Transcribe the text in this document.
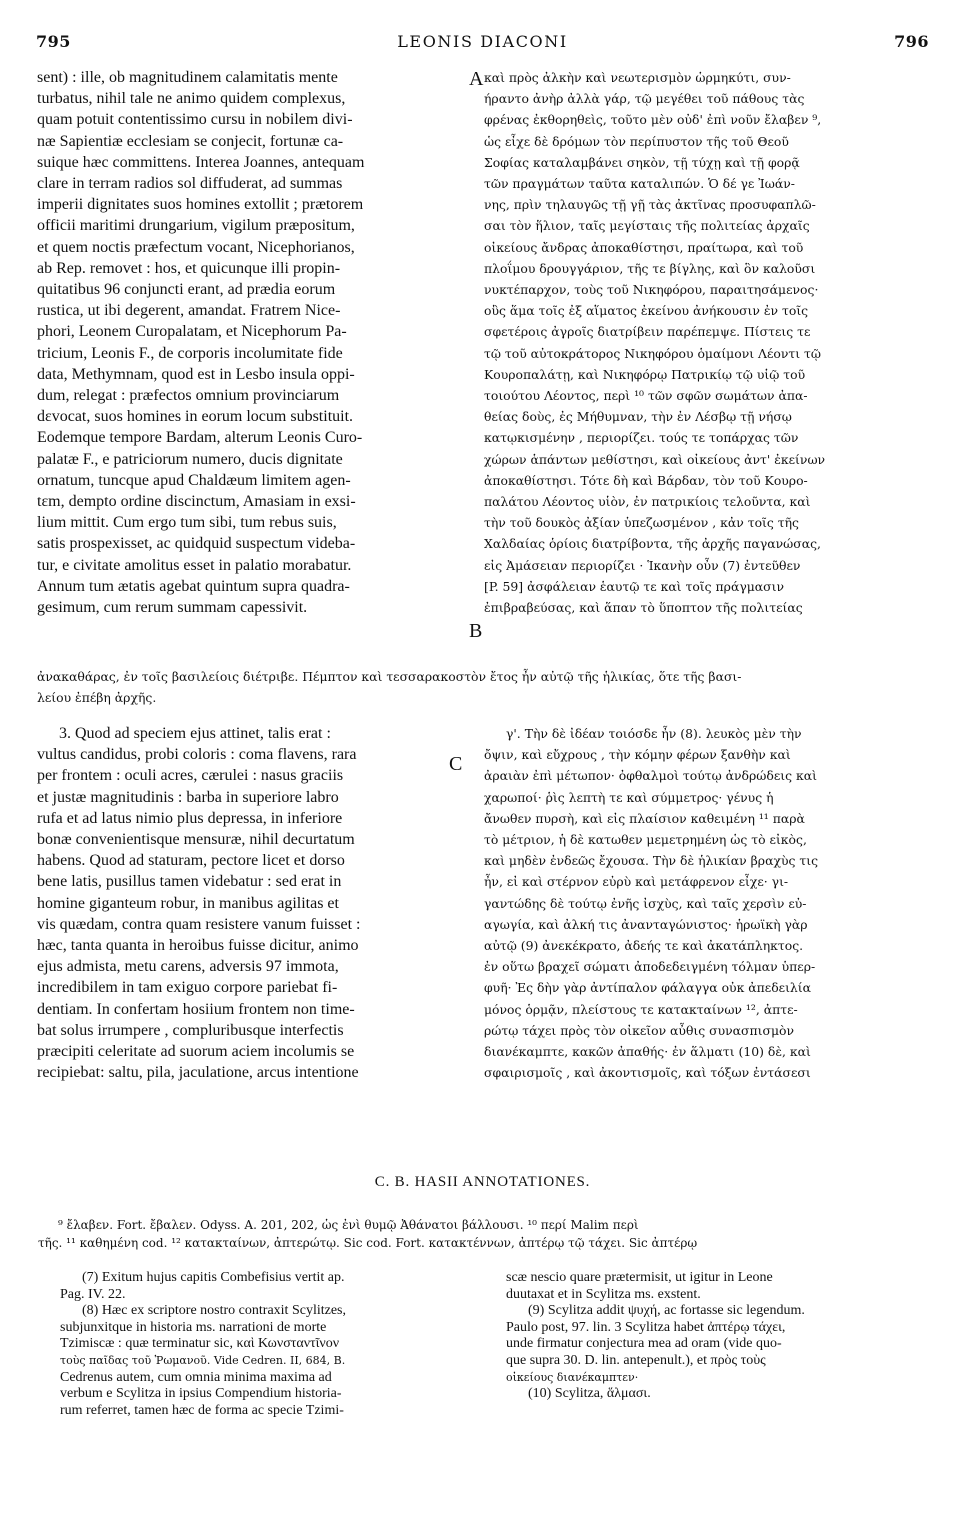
795	LEONIS DIACONI	796
sent) : ille, ob magnitudinem calamitatis mente
turbatus, nihil tale ne animo quidem complexus,
quam potuit contentissimo cursu in nobilem divi-
næ Sapientiæ ecclesiam se conjecit, fortunæ ca-
suique hæc committens. Interea Joannes, antequam
clare in terram radios sol diffuderat, ad summas
imperii dignitates suos homines extollit ; prætorem
officii maritimi drungarium, vigilum præpositum,
et quem noctis præfectum vocant, Nicephorianos,
ab Rep. removet : hos, et quicunque illi propin-
quitatibus 96 conjuncti erant, ad prædia eorum
rustica, ut ibi degerent, amandat. Fratrem Nice-
phori, Leonem Curopalatam, et Nicephorum Pa-
tricium, Leonis F., de corporis incolumitate fide
data, Methymnam, quod est in Lesbo insula oppi-
dum, relegat : præfectos omnium provinciarum
dεvocat, suos homines in eorum locum substituit.
Eodemque tempore Bardam, alterum Leonis Curo-
palatæ F., e patriciorum numero, ducis dignitate
ornatum, tuncque apud Chaldæum limitem agen-
tεm, dempto ordine discinctum, Amasiam in exsi-
lium mittit. Cum ergo tum sibi, tum rebus suis,
satis prospexisset, ac quidquid suspectum videba-
tur, e civitate amolitus esset in palatio morabatur.
Annum tum ætatis agebat quintum supra quadra-
gesimum, cum rerum summam capessivit.
καὶ πρὸς ἀλκὴν καὶ νεωτερισμὸν ὡρμηκύτι, συν-
ήραντο ἀνὴρ ἀλλὰ γάρ, τῷ μεγέθει τοῦ πάθους τὰς
φρένας ἐκθορηθεὶς, τοῦτο μὲν οὐδ' ἐπὶ νοῦν ἔλαβεν ⁹,
ὡς εἶχε δὲ δρόμων τὸν περίπυστον τῆς τοῦ Θεοῦ
Σοφίας καταλαμβάνει σηκὸν, τῇ τύχῃ καὶ τῇ φορᾷ
τῶν πραγμάτων ταῦτα καταλιπών. Ὁ δέ γε Ἰωάν-
νης, πρὶν τηλαυγῶς τῇ γῇ τὰς ἀκτῖνας προσυφαπλῶ-
σαι τὸν ἥλιον, ταῖς μεγίσταις τῆς πολιτείας ἀρχαῖς
οἰκείους ἄνδρας ἀποκαθίστησι, πραίτωρα, καὶ τοῦ
πλοΐμου δρουγγάριον, τῆς τε βίγλης, καὶ ὃν καλοῦσι
νυκτέπαρχον, τοὺς τοῦ Νικηφόρου, παραιτησάμενος·
οὓς ἅμα τοῖς ἐξ αἵματος ἐκείνου ἀνήκουσιν ἐν τοῖς
σφετέροις ἀγροῖς διατρίβειν παρέπεμψε. Πίστεις τε
τῷ τοῦ αὐτοκράτορος Νικηφόρου ὁμαίμονι Λέοντι τῷ
Κουροπαλάτῃ, καὶ Νικηφόρῳ Πατρικίῳ τῷ υἱῷ τοῦ
τοιούτου Λέοντος, περὶ ¹⁰ τῶν σφῶν σωμάτων ἀπα-
θείας δοὺς, ἐς Μήθυμναν, τὴν ἐν Λέσβῳ τῇ νήσῳ
κατῳκισμένην , περιορίζει. τούς τε τοπάρχας τῶν
χώρων ἁπάντων μεθίστησι, καὶ οἰκείους ἀντ' ἐκείνων
ἀποκαθίστησι. Τότε δὴ καὶ Βάρδαν, τὸν τοῦ Κουρο-
παλάτου Λέοντος υἱὸν, ἐν πατρικίοις τελοῦντα, καὶ
τὴν τοῦ δουκὸς ἀξίαν ὑπεζωσμένον , κἀν τοῖς τῆς
Χαλδαίας ὁρίοις διατρίβοντα, τῆς ἀρχῆς παγανώσας,
εἰς Ἀμάσειαν περιορίζει · Ἱκανὴν οὖν (7) ἐντεῦθεν
[P. 59] ἀσφάλειαν ἑαυτῷ τε καὶ τοῖς πράγμασιν
ἐπιβραβεύσας, καὶ ἅπαν τὸ ὕποπτον τῆς πολιτείας
A
B
C
ἀνακαθάρας, ἐν τοῖς βασιλείοις διέτριβε. Πέμπτον καὶ τεσσαρακοστὸν ἔτος ἦν αὐτῷ τῆς ἡλικίας, ὅτε τῆς βασι-
λείου ἐπέβη ἀρχῆς.
3. Quod ad speciem ejus attinet, talis erat :
vultus candidus, probi coloris : coma flavens, rara
per frontem : oculi acres, cærulei : nasus graciis
et justæ magnitudinis : barba in superiore labro
rufa et ad latus nimio plus depressa, in inferiore
bonæ convenientisque mensuræ, nihil decurtatum
habens. Quod ad staturam, pectore licet et dorso
bene latis, pusillus tamen videbatur : sed erat in
homine giganteum robur, in manibus agilitas et
vis quædam, contra quam resistere vanum fuisset :
hæc, tanta quanta in heroibus fuisse dicitur, animo
ejus admista, metu carens, adversis 97 immota,
incredibilem in tam exiguo corpore pariebat fi-
dentiam. In confertam hosiium frontem non time-
bat solus irrumpere , compluribusque interfectis
præcipiti celeritate ad suorum aciem incolumis se
recipiebat: saltu, pila, jaculatione, arcus intentione
γ'. Τὴν δὲ ἰδέαν τοιόσδε ἦν (8). λευκὸς μὲν τὴν
ὄψιν, καὶ εὔχρους , τὴν κόμην φέρων ξανθὴν καὶ
ἀραιὰν ἐπὶ μέτωπον· ὀφθαλμοὶ τούτῳ ἀνδρώδεις καὶ
χαρωποί· ῥὶς λεπτὴ τε καὶ σύμμετρος· γένυς ἡ
ἄνωθεν πυρσὴ, καὶ εἰς πλαίσιον καθειμένη ¹¹ παρὰ
τὸ μέτριον, ἡ δὲ κατωθεν μεμετρημένη ὡς τὸ εἰκὸς,
καὶ μηδὲν ἐνδεῶς ἔχουσα. Τὴν δὲ ἡλικίαν βραχὺς τις
ἦν, εἰ καὶ στέρνον εὐρὺ καὶ μετάφρενον εἶχε· γι-
γαντώδης δὲ τούτῳ ἐνῆς ἰσχὺς, καὶ ταῖς χερσὶν εὐ-
αγωγία, καὶ ἀλκή τις ἀνανταγώνιστος· ἡρωϊκὴ γὰρ
αὐτῷ (9) ἀνεκέκρατο, ἀδεής τε καὶ ἀκατάπληκτος.
ἐν οὕτω βραχεῖ σώματι ἀποδεδειγμένη τόλμαν ὑπερ-
φυῆ· Ἐς δὴν γὰρ ἀντίπαλον φάλαγγα οὐκ ἀπεδειλία
μόνος ὁρμᾷν, πλείστους τε κατακταίνων ¹², ἀπτε-
ρώτῳ τάχει πρὸς τὸν οἰκεῖον αὖθις συνασπισμὸν
διανέκαμπτε, κακῶν ἀπαθής· ἐν ἅλματι (10) δὲ, καὶ
σφαιρισμοῖς , καὶ ἀκοντισμοῖς, καὶ τόξων ἐντάσεσι
C. B. HASII ANNOTATIONES.
⁹ ἔλαβεν. Fort. ἔβαλεν. Odyss. A. 201, 202, ὡς ἐνὶ θυμῷ Ἀθάνατοι βάλλουσι. ¹⁰ περί Malim περὶ
τῆς. ¹¹ καθημένη cod. ¹² κατακταίνων, ἀπτερώτῳ. Sic cod. Fort. κατακτέννων, ἀπτέρῳ τῷ τάχει. Sic ἀπτέρῳ
(7) Exitum hujus capitis Combefisius vertit ap.
Pag. IV. 22.
(8) Hæc ex scriptore nostro contraxit Scylitzes,
subjunxitque in historia ms. narrationi de morte
Tzimiscæ : quæ terminatur sic, καὶ Κωνσταντῖνον
τοὺς παῖδας τοῦ Ῥωμανοῦ. Vide Cedren. II, 684, B.
Cedrenus autem, cum omnia minima maxima ad
verbum e Scylitza in ipsius Compendium historia-
rum referret, tamen hæc de forma ac specie Tzimi-
scæ nescio quare prætermisit, ut igitur in Leone
duutaxat et in Scylitza ms. exstent.
(9) Scylitza addit ψυχή, ac fortasse sic legendum.
Paulo post, 97. lin. 3 Scylitza habet ἀπτέρῳ τάχει,
unde firmatur conjectura mea ad oram (vide quo-
que supra 30. D. lin. antepenult.), et πρὸς τοὺς
οἰκείους διανέκαμπτεν·
(10) Scylitza, ἅλμασι.
